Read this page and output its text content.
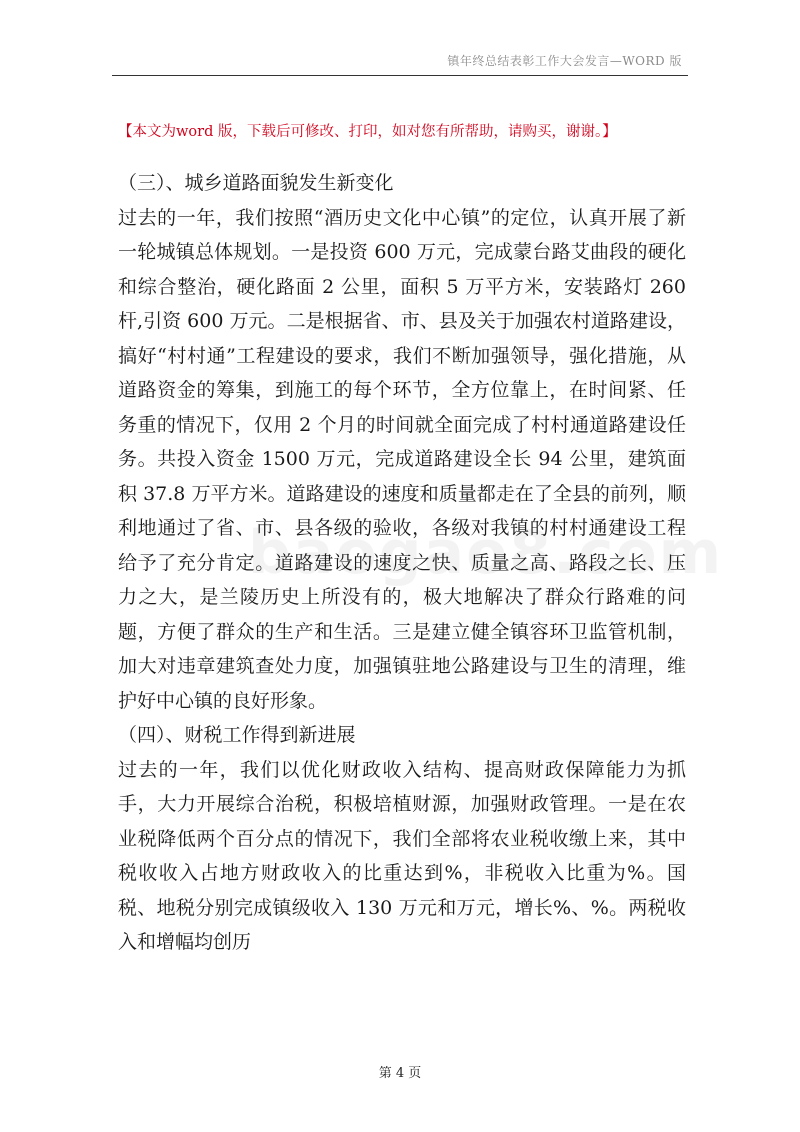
镇年终总结表彰工作大会发言—WORD 版
【本文为word 版，下载后可修改、打印，如对您有所帮助，请购买，谢谢。】

（三）、城乡道路面貌发生新变化

过去的一年，我们按照“酒历史文化中心镇”的定位，认真开展了新一轮城镇总体规划。一是投资 600 万元，完成蒙台路艾曲段的硬化和综合整治，硬化路面 2 公里，面积 5 万平方米，安装路灯 260 杆,引资 600 万元。二是根据省、市、县及关于加强农村道路建设，搞好“村村通”工程建设的要求，我们不断加强领导，强化措施，从道路资金的筹集，到施工的每个环节，全方位靠上，在时间紧、任务重的情况下，仅用 2 个月的时间就全面完成了村村通道路建设任务。共投入资金 1500 万元，完成道路建设全长 94 公里，建筑面积 37.8 万平方米。道路建设的速度和质量都走在了全县的前列，顺利地通过了省、市、县各级的验收，各级对我镇的村村通建设工程给予了充分肯定。道路建设的速度之快、质量之高、路段之长、压力之大，是兰陵历史上所没有的，极大地解决了群众行路难的问题，方便了群众的生产和生活。三是建立健全镇容环卫监管机制，加大对违章建筑查处力度，加强镇驻地公路建设与卫生的清理，维护好中心镇的良好形象。

（四）、财税工作得到新进展

过去的一年，我们以优化财政收入结构、提高财政保障能力为抓手，大力开展综合治税，积极培植财源，加强财政管理。一是在农业税降低两个百分点的情况下，我们全部将农业税收缴上来，其中税收收入占地方财政收入的比重达到%，非税收入比重为%。国税、地税分别完成镇级收入 130 万元和万元，增长%、%。两税收入和增幅均创历

第 4 页
